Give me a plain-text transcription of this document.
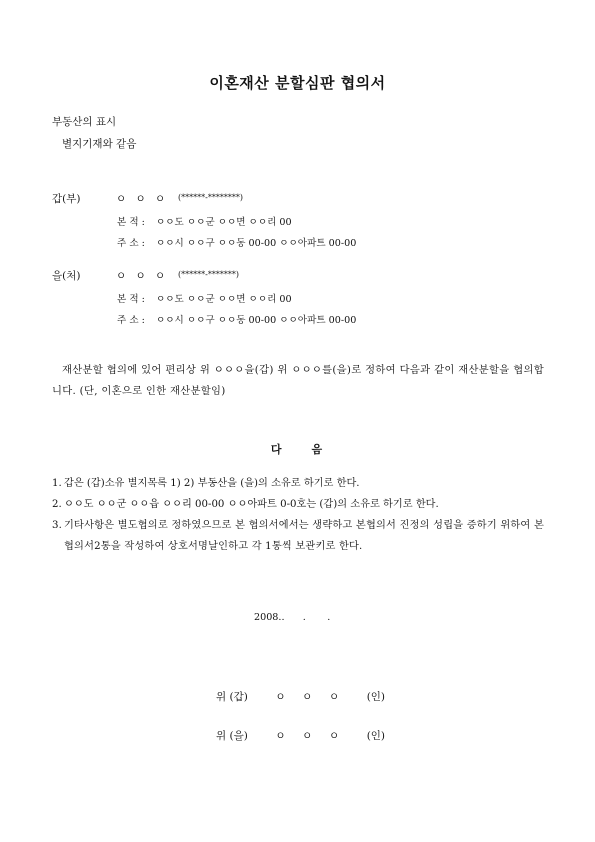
이혼재산 분할심판 협의서
부동산의 표시
별지기재와 같음
갑(부)	ㅇ ㅇ ㅇ (******-********)
본 적 : ㅇㅇ도 ㅇㅇ군 ㅇㅇ면 ㅇㅇ리 00
주 소 : ㅇㅇ시 ㅇㅇ구 ㅇㅇ동 00-00 ㅇㅇ아파트 00-00
을(처)	ㅇ ㅇ ㅇ (******-*******)
본 적 : ㅇㅇ도 ㅇㅇ군 ㅇㅇ면 ㅇㅇ리 00
주 소 : ㅇㅇ시 ㅇㅇ구 ㅇㅇ동 00-00 ㅇㅇ아파트 00-00
재산분할 협의에 있어 편리상 위 ㅇㅇㅇ을(갑) 위 ㅇㅇㅇ를(을)로 정하여 다음과 같이 재산분할을 협의합니다. (단, 이혼으로 인한 재산분할임)
다	음
1. 갑은 (갑)소유 별지목록 1) 2) 부동산을 (을)의 소유로 하기로 한다.
2. ㅇㅇ도 ㅇㅇ군 ㅇㅇ읍 ㅇㅇ리 00-00 ㅇㅇ아파트 0-0호는 (갑)의 소유로 하기로 한다.
3. 기타사항은 별도협의로 정하였으므로 본 협의서에서는 생략하고 본협의서 진정의 성립을 증하기 위하여 본 협의서2통을 작성하여 상호서명날인하고 각 1통씩 보관키로 한다.
2008..      .       .
위 (갑)	ㅇ     ㅇ     ㅇ	(인)
위 (을)	ㅇ     ㅇ     ㅇ	(인)
